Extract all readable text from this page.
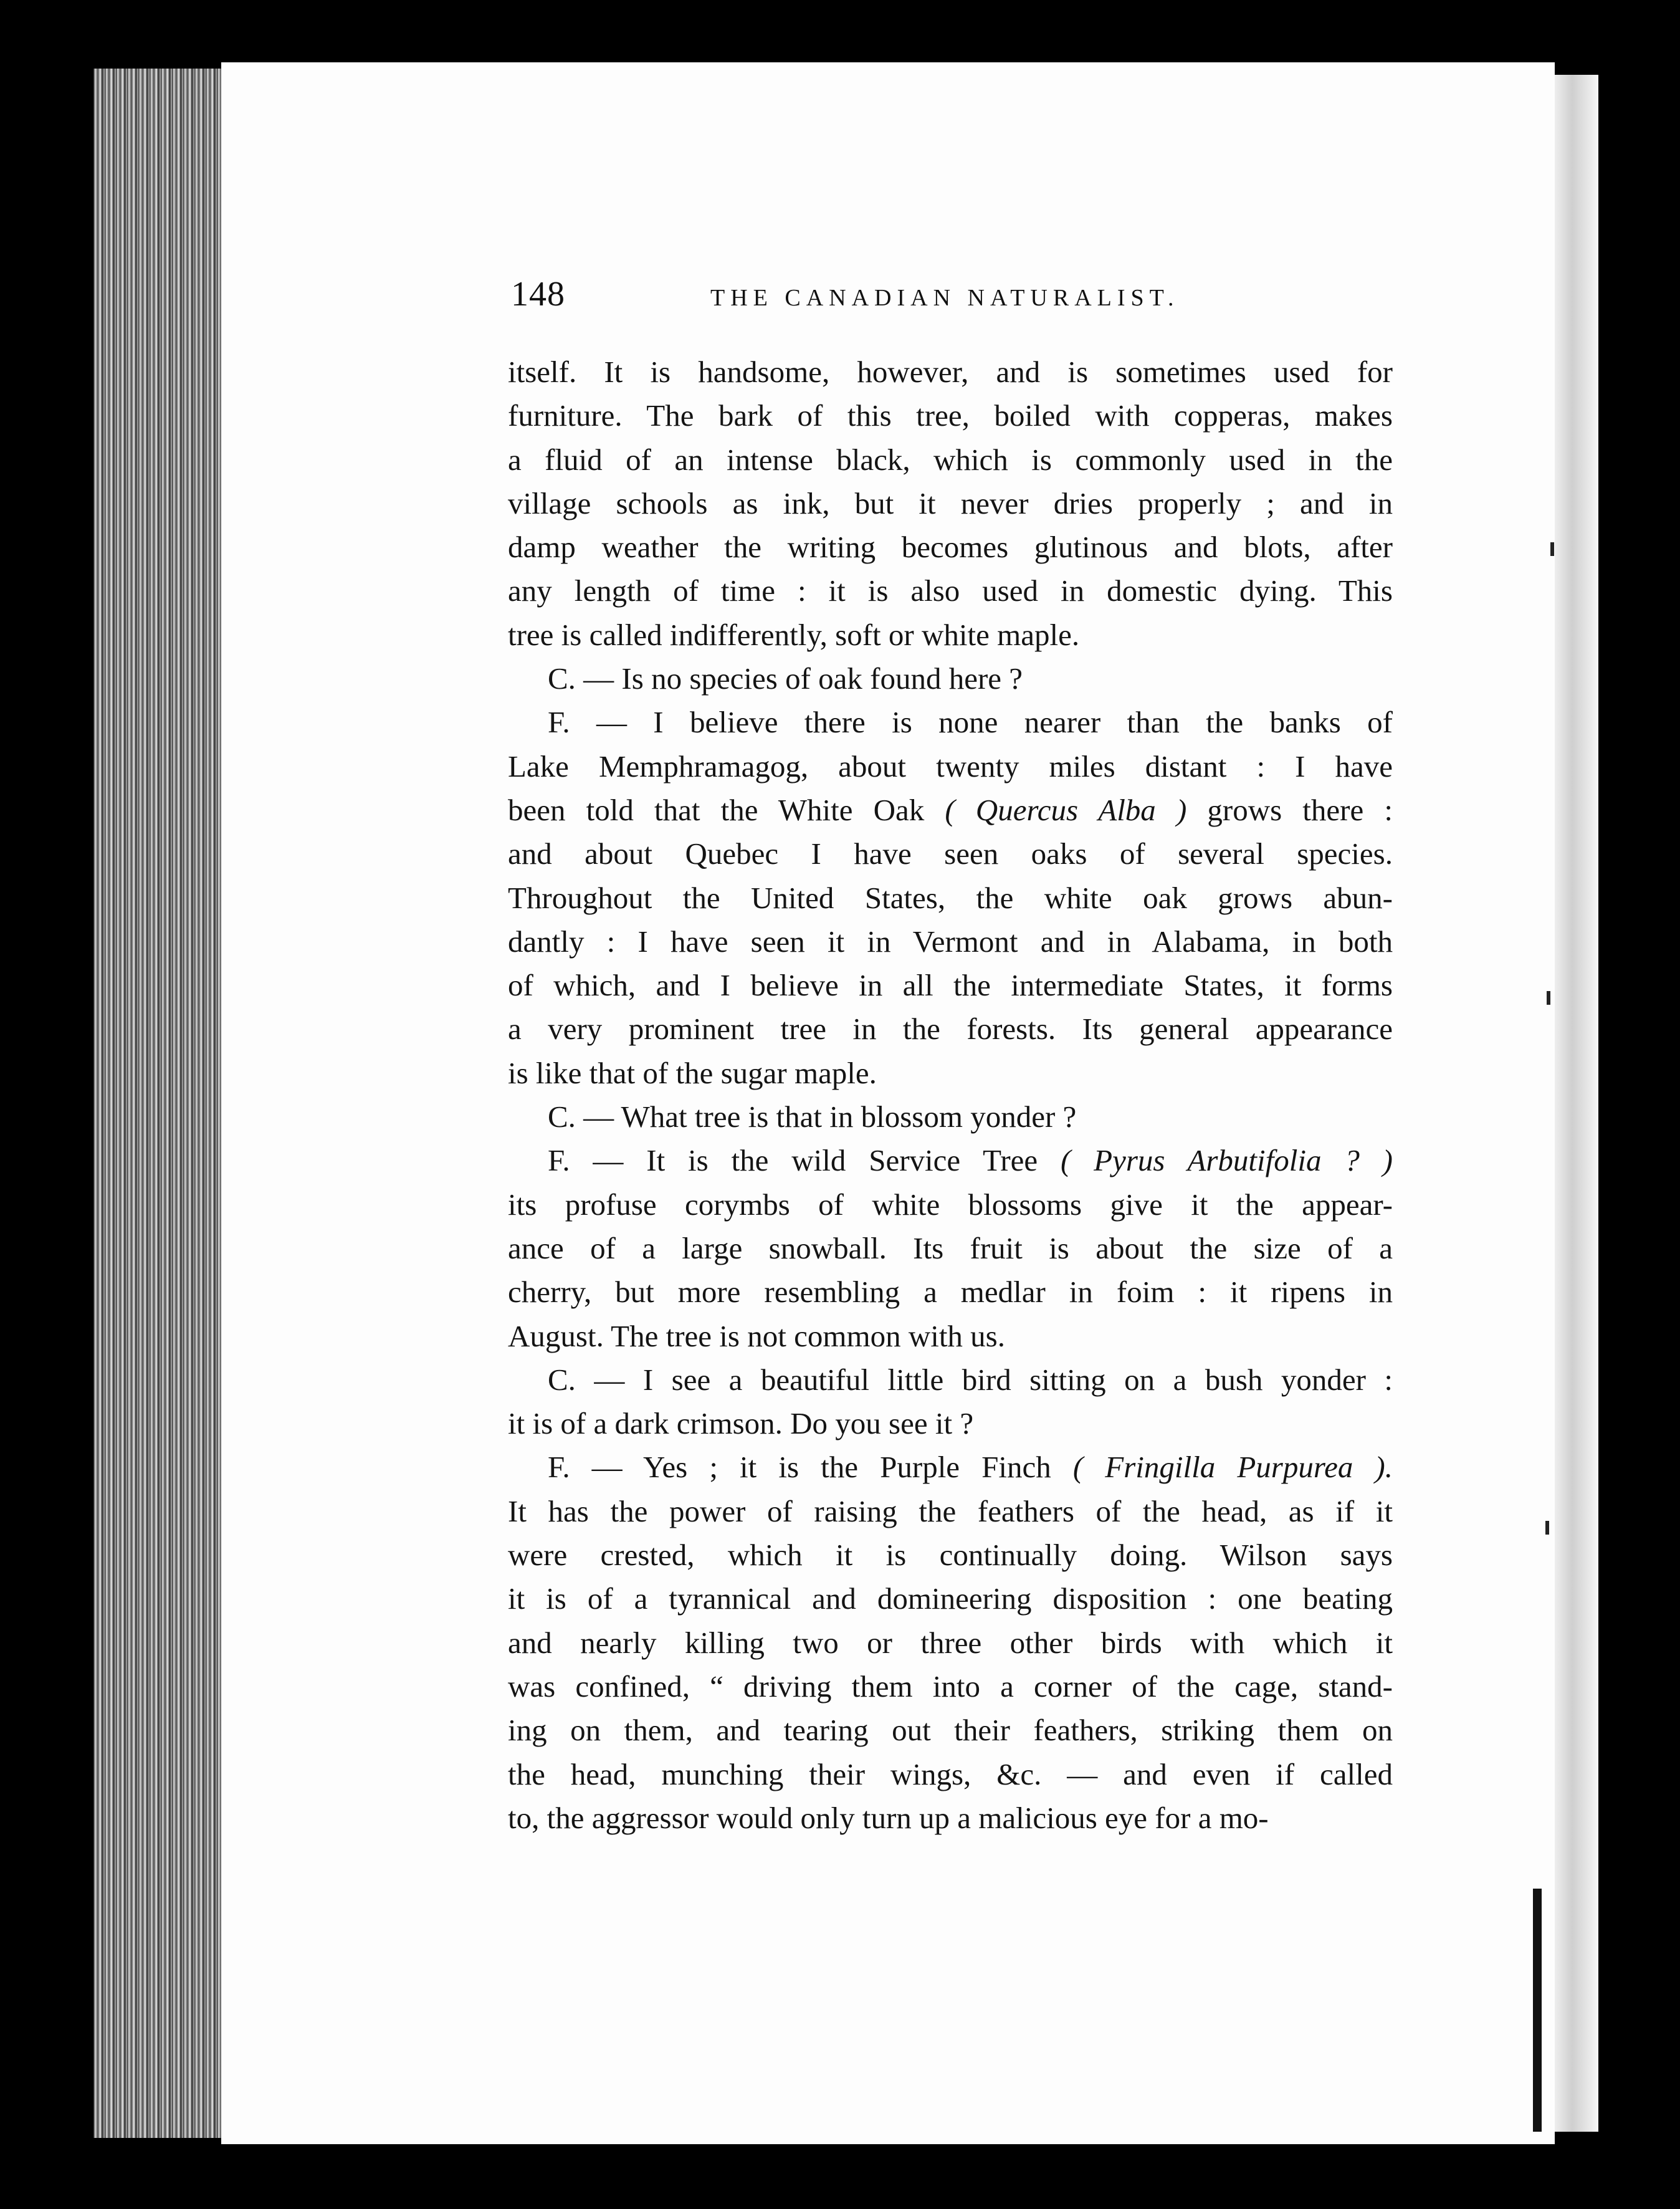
148	THE CANADIAN NATURALIST.
itself. It is handsome, however, and is sometimes used for
furniture. The bark of this tree, boiled with copperas, makes
a fluid of an intense black, which is commonly used in the
village schools as ink, but it never dries properly ; and in
damp weather the writing becomes glutinous and blots, after
any length of time : it is also used in domestic dying. This
tree is called indifferently, soft or white maple.
C. — Is no species of oak found here ?
F. — I believe there is none nearer than the banks of
Lake Memphramagog, about twenty miles distant : I have
been told that the White Oak ( Quercus Alba ) grows there :
and about Quebec I have seen oaks of several species.
Throughout the United States, the white oak grows abun-
dantly : I have seen it in Vermont and in Alabama, in both
of which, and I believe in all the intermediate States, it forms
a very prominent tree in the forests. Its general appearance
is like that of the sugar maple.
C. — What tree is that in blossom yonder ?
F. — It is the wild Service Tree ( Pyrus Arbutifolia ? )
its profuse corymbs of white blossoms give it the appear-
ance of a large snowball. Its fruit is about the size of a
cherry, but more resembling a medlar in foim : it ripens in
August. The tree is not common with us.
C. — I see a beautiful little bird sitting on a bush yonder :
it is of a dark crimson. Do you see it ?
F. — Yes ; it is the Purple Finch ( Fringilla Purpurea ).
It has the power of raising the feathers of the head, as if it
were crested, which it is continually doing. Wilson says
it is of a tyrannical and domineering disposition : one beating
and nearly killing two or three other birds with which it
was confined, “ driving them into a corner of the cage, stand-
ing on them, and tearing out their feathers, striking them on
the head, munching their wings, &c. — and even if called
to, the aggressor would only turn up a malicious eye for a mo-
